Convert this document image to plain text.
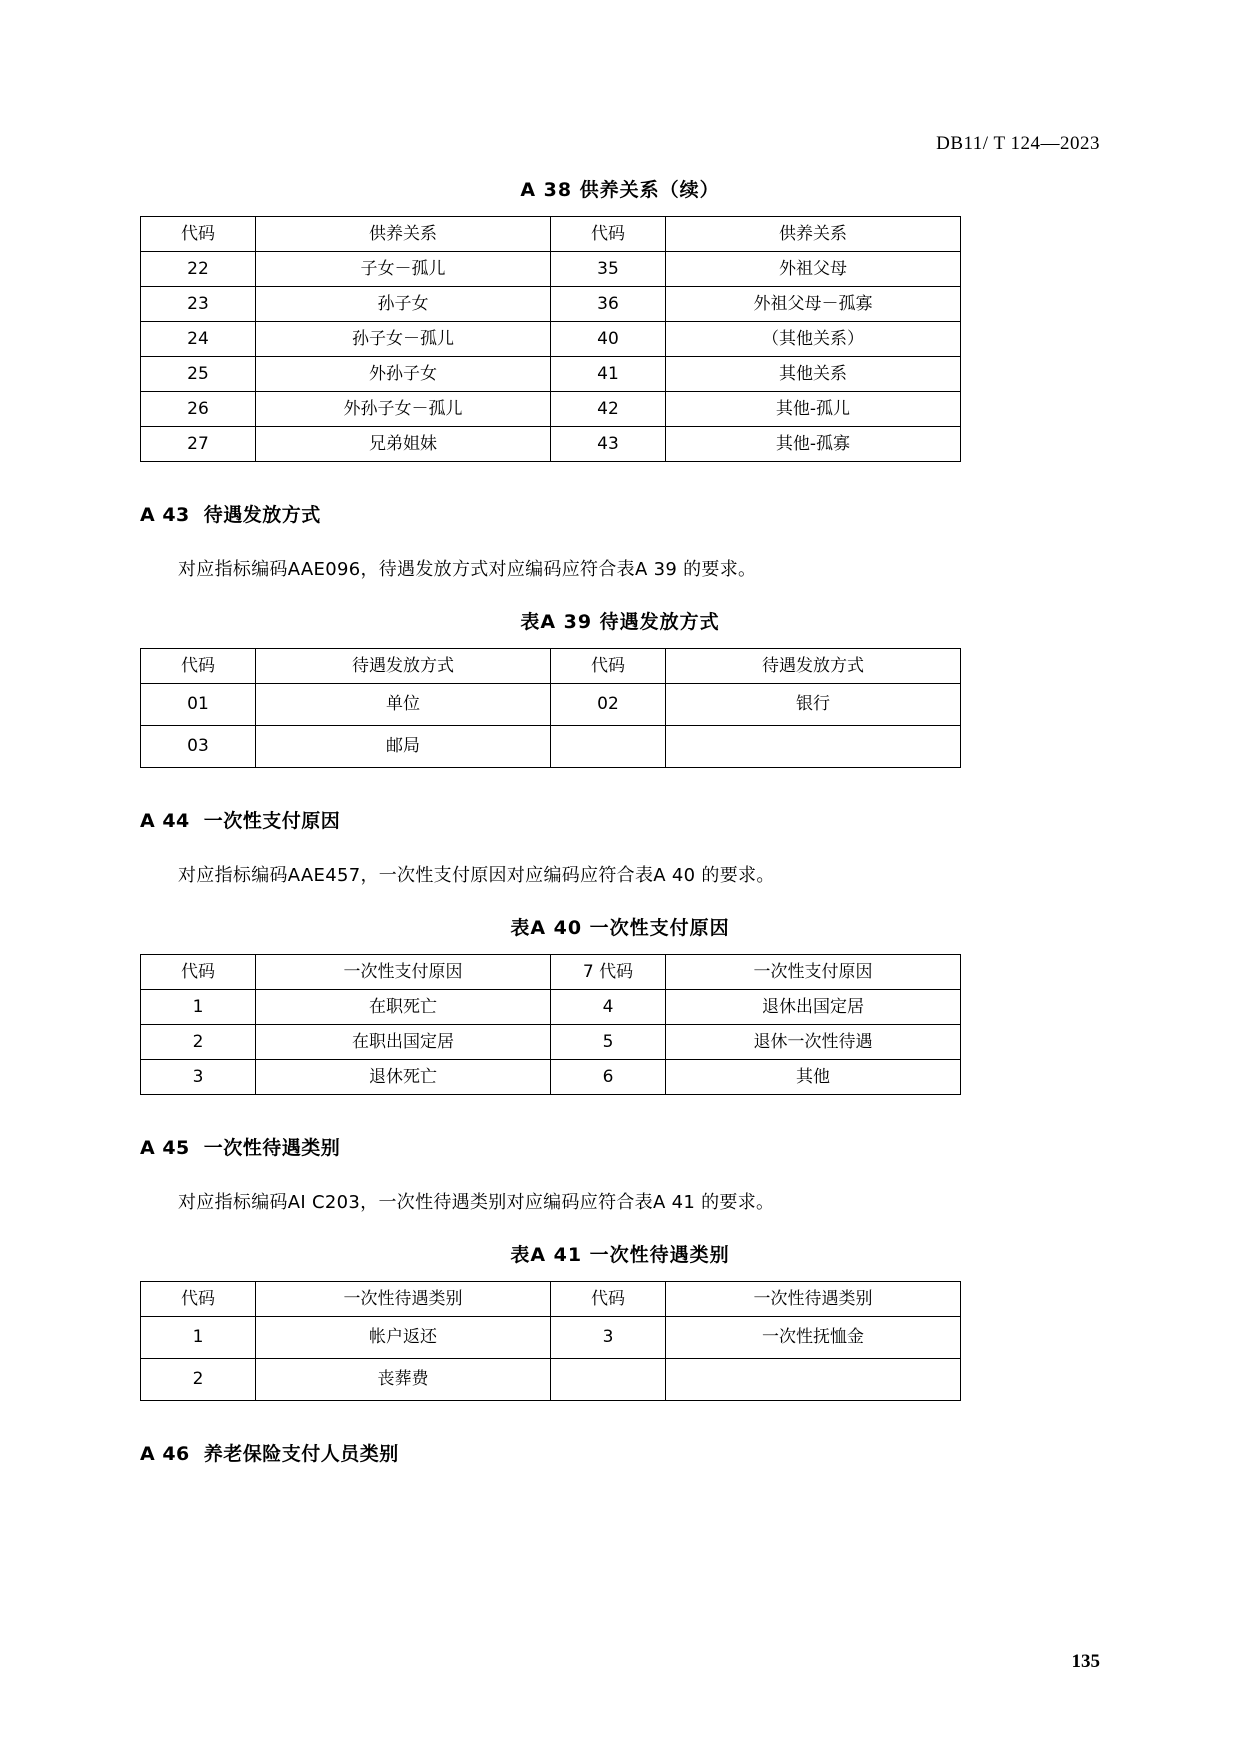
DB11/ T 124—2023
A 38 供养关系（续）
代码	供养关系	代码	供养关系
22	子女－孤儿	35	外祖父母
23	孙子女	36	外祖父母－孤寡
24	孙子女－孤儿	40	（其他关系）
25	外孙子女	41	其他关系
26	外孙子女－孤儿	42	其他-孤儿
27	兄弟姐妹	43	其他-孤寡
A 43 待遇发放方式
对应指标编码AAE096，待遇发放方式对应编码应符合表A 39 的要求。
表A 39 待遇发放方式
代码	待遇发放方式	代码	待遇发放方式
01	单位	02	银行
03	邮局		
A 44 一次性支付原因
对应指标编码AAE457，一次性支付原因对应编码应符合表A 40 的要求。
表A 40 一次性支付原因
代码	一次性支付原因	7 代码	一次性支付原因
1	在职死亡	4	退休出国定居
2	在职出国定居	5	退休一次性待遇
3	退休死亡	6	其他
A 45 一次性待遇类别
对应指标编码AI C203，一次性待遇类别对应编码应符合表A 41 的要求。
表A 41 一次性待遇类别
代码	一次性待遇类别	代码	一次性待遇类别
1	帐户返还	3	一次性抚恤金
2	丧葬费		
A 46 养老保险支付人员类别
135
